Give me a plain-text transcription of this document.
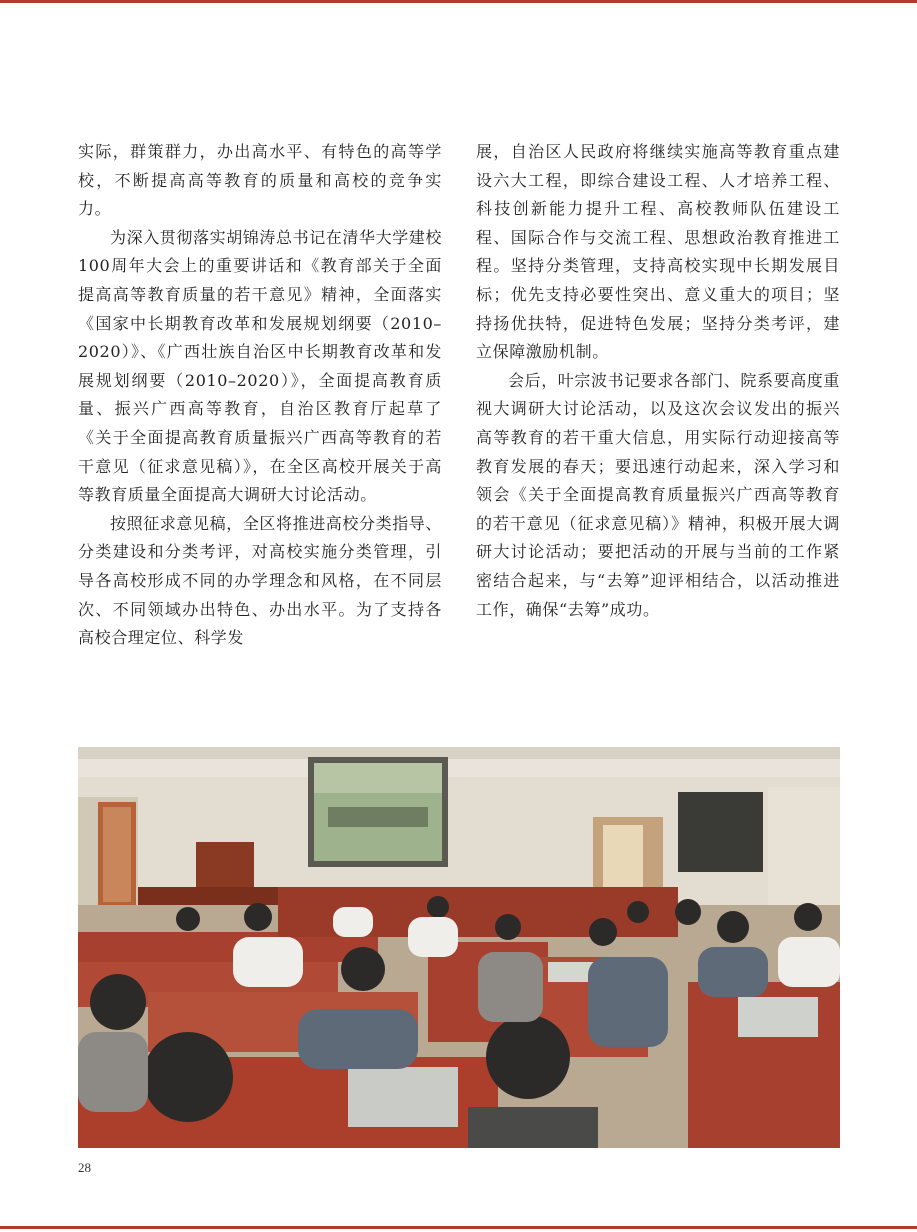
实际，群策群力，办出高水平、有特色的高等学校，不断提高高等教育的质量和高校的竞争实力。

为深入贯彻落实胡锦涛总书记在清华大学建校100周年大会上的重要讲话和《教育部关于全面提高高等教育质量的若干意见》精神，全面落实《国家中长期教育改革和发展规划纲要（2010–2020）》、《广西壮族自治区中长期教育改革和发展规划纲要（2010–2020）》，全面提高教育质量、振兴广西高等教育，自治区教育厅起草了《关于全面提高教育质量振兴广西高等教育的若干意见（征求意见稿）》，在全区高校开展关于高等教育质量全面提高大调研大讨论活动。

按照征求意见稿，全区将推进高校分类指导、分类建设和分类考评，对高校实施分类管理，引导各高校形成不同的办学理念和风格，在不同层次、不同领域办出特色、办出水平。为了支持各高校合理定位、科学发

展，自治区人民政府将继续实施高等教育重点建设六大工程，即综合建设工程、人才培养工程、科技创新能力提升工程、高校教师队伍建设工程、国际合作与交流工程、思想政治教育推进工程。坚持分类管理，支持高校实现中长期发展目标；优先支持必要性突出、意义重大的项目；坚持扬优扶特，促进特色发展；坚持分类考评，建立保障激励机制。

会后，叶宗波书记要求各部门、院系要高度重视大调研大讨论活动，以及这次会议发出的振兴高等教育的若干重大信息，用实际行动迎接高等教育发展的春天；要迅速行动起来，深入学习和领会《关于全面提高教育质量振兴广西高等教育的若干意见（征求意见稿）》精神，积极开展大调研大讨论活动；要把活动的开展与当前的工作紧密结合起来，与“去筹”迎评相结合，以活动推进工作，确保“去筹”成功。

28
